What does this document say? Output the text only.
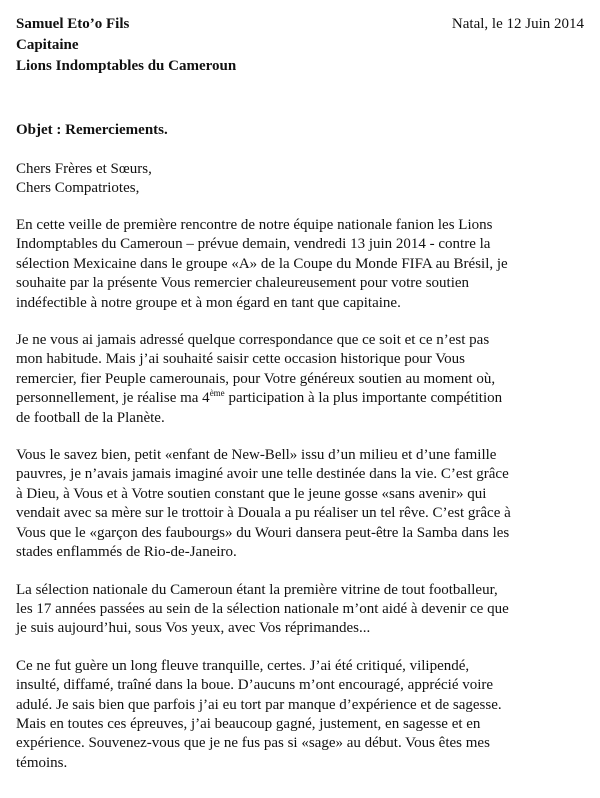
Samuel Eto’o Fils
Capitaine
Lions Indomptables du Cameroun
Natal, le 12 Juin 2014
Objet : Remerciements.
Chers Frères et Sœurs,
Chers Compatriotes,

En cette veille de première rencontre de notre équipe nationale fanion les Lions
Indomptables du Cameroun – prévue demain, vendredi 13 juin 2014 - contre la
sélection Mexicaine dans le groupe «A» de la Coupe du Monde FIFA au Brésil, je
souhaite par la présente Vous remercier chaleureusement pour votre soutien
indéfectible à notre groupe et à mon égard en tant que capitaine.

Je ne vous ai jamais adressé quelque correspondance que ce soit et ce n’est pas
mon habitude. Mais j’ai souhaité saisir cette occasion historique pour Vous
remercier, fier Peuple camerounais, pour Votre généreux soutien au moment où,
personnellement, je réalise ma 4ème participation à la plus importante compétition
de football de la Planète.

Vous le savez bien, petit «enfant de New-Bell» issu d’un milieu et d’une famille
pauvres, je n’avais jamais imaginé avoir une telle destinée dans la vie. C’est grâce
à Dieu, à Vous et à Votre soutien constant que le jeune gosse «sans avenir» qui
vendait avec sa mère sur le trottoir à Douala a pu réaliser un tel rêve. C’est grâce à
Vous que le «garçon des faubourgs» du Wouri dansera peut-être la Samba dans les
stades enflammés de Rio-de-Janeiro.

La sélection nationale du Cameroun étant la première vitrine de tout footballeur,
les 17 années passées au sein de la sélection nationale m’ont aidé à devenir ce que
je suis aujourd’hui, sous Vos yeux, avec Vos réprimandes...

Ce ne fut guère un long fleuve tranquille, certes. J’ai été critiqué, vilipendé,
insulté, diffamé, traîné dans la boue. D’aucuns m’ont encouragé, apprécié voire
adulé. Je sais bien que parfois j’ai eu tort par manque d’expérience et de sagesse.
Mais en toutes ces épreuves, j’ai beaucoup gagné, justement, en sagesse et en
expérience. Souvenez-vous que je ne fus pas si «sage» au début. Vous êtes mes
témoins.
